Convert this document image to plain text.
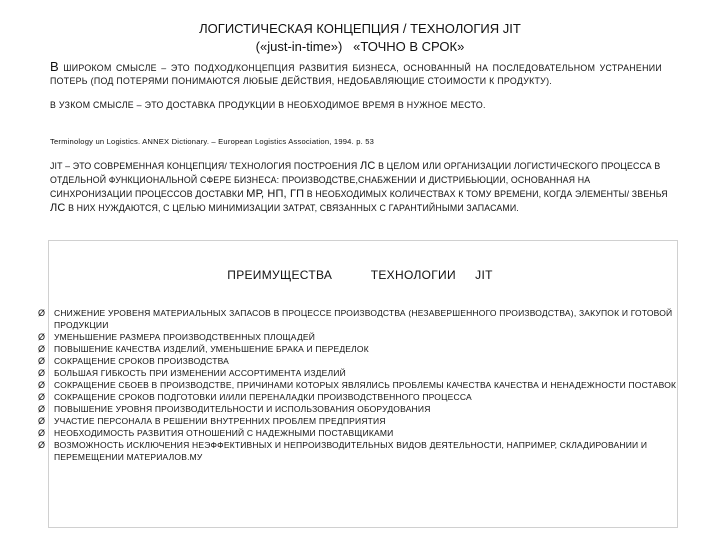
ЛОГИСТИЧЕСКАЯ КОНЦЕПЦИЯ / ТЕХНОЛОГИЯ JIT
(«just-in-time»)   «ТОЧНО В СРОК»
В ШИРОКОМ СМЫСЛЕ – ЭТО ПОДХОД/КОНЦЕПЦИЯ РАЗВИТИЯ БИЗНЕСА, ОСНОВАННЫЙ НА ПОСЛЕДОВАТЕЛЬНОМ УСТРАНЕНИИ ПОТЕРЬ (ПОД ПОТЕРЯМИ ПОНИМАЮТСЯ ЛЮБЫЕ ДЕЙСТВИЯ, НЕДОБАВЛЯЮЩИЕ СТОИМОСТИ К ПРОДУКТУ).
В УЗКОМ СМЫСЛЕ – ЭТО ДОСТАВКА ПРОДУКЦИИ В НЕОБХОДИМОЕ ВРЕМЯ В НУЖНОЕ МЕСТО.
Terminology un Logistics. ANNEX Dictionary. – European Logistics Association, 1994. p. 53
JIT – ЭТО СОВРЕМЕННАЯ КОНЦЕПЦИЯ/ ТЕХНОЛОГИЯ ПОСТРОЕНИЯ ЛС В ЦЕЛОМ ИЛИ ОРГАНИЗАЦИИ ЛОГИСТИЧЕСКОГО ПРОЦЕССА В ОТДЕЛЬНОЙ ФУНКЦИОНАЛЬНОЙ СФЕРЕ БИЗНЕСА: ПРОИЗВОДСТВЕ,СНАБЖЕНИИ И ДИСТРИБЬЮЦИИ, ОСНОВАННАЯ НА СИНХРОНИЗАЦИИ ПРОЦЕССОВ ДОСТАВКИ МР, НП, ГП В НЕОБХОДИМЫХ КОЛИЧЕСТВАХ К ТОМУ ВРЕМЕНИ, КОГДА ЭЛЕМЕНТЫ/ ЗВЕНЬЯ ЛС В НИХ НУЖДАЮТСЯ, С ЦЕЛЬЮ МИНИМИЗАЦИИ ЗАТРАТ, СВЯЗАННЫХ С ГАРАНТИЙНЫМИ ЗАПАСАМИ.
ПРЕИМУЩЕСТВА    ТЕХНОЛОГИИ  JIT
Ø СНИЖЕНИЕ УРОВЕНЯ МАТЕРИАЛЬНЫХ ЗАПАСОВ В ПРОЦЕССЕ ПРОИЗВОДСТВА (НЕЗАВЕРШЕННОГО ПРОИЗВОДСТВА), ЗАКУПОК И ГОТОВОЙ ПРОДУКЦИИ
Ø УМЕНЬШЕНИЕ РАЗМЕРА ПРОИЗВОДСТВЕННЫХ ПЛОЩАДЕЙ
Ø ПОВЫШЕНИЕ КАЧЕСТВА ИЗДЕЛИЙ, УМЕНЬШЕНИЕ БРАКА И ПЕРЕДЕЛОК
Ø СОКРАЩЕНИЕ СРОКОВ ПРОИЗВОДСТВА
Ø БОЛЬШАЯ ГИБКОСТЬ ПРИ ИЗМЕНЕНИИ АССОРТИМЕНТА ИЗДЕЛИЙ
Ø СОКРАЩЕНИЕ СБОЕВ В ПРОИЗВОДСТВЕ, ПРИЧИНАМИ КОТОРЫХ ЯВЛЯЛИСЬ ПРОБЛЕМЫ КАЧЕСТВА КАЧЕСТВА И НЕНАДЕЖНОСТИ ПОСТАВОК
Ø СОКРАЩЕНИЕ СРОКОВ ПОДГОТОВКИ И/ИЛИ ПЕРЕНАЛАДКИ ПРОИЗВОДСТВЕННОГО ПРОЦЕССА
Ø ПОВЫШЕНИЕ УРОВНЯ ПРОИЗВОДИТЕЛЬНОСТИ И ИСПОЛЬЗОВАНИЯ ОБОРУДОВАНИЯ
Ø УЧАСТИЕ ПЕРСОНАЛА В РЕШЕНИИ ВНУТРЕННИХ ПРОБЛЕМ ПРЕДПРИЯТИЯ
Ø НЕОБХОДИМОСТЬ РАЗВИТИЯ ОТНОШЕНИЙ С НАДЕЖНЫМИ ПОСТАВЩИКАМИ
Ø ВОЗМОЖНОСТЬ ИСКЛЮЧЕНИЯ НЕЭФФЕКТИВНЫХ И НЕПРОИЗВОДИТЕЛЬНЫХ ВИДОВ ДЕЯТЕЛЬНОСТИ, НАПРИМЕР, СКЛАДИРОВАНИИ И ПЕРЕМЕЩЕНИИ МАТЕРИАЛОВ.МУ
